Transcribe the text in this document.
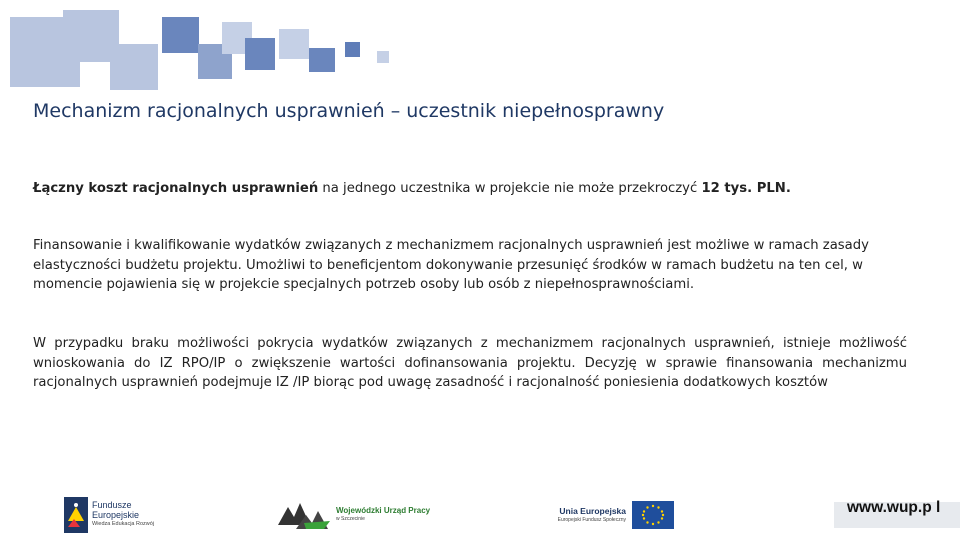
Mechanizm racjonalnych usprawnień – uczestnik niepełnosprawny

Łączny koszt racjonalnych usprawnień na jednego uczestnika w projekcie nie może przekroczyć 12 tys. PLN.

Finansowanie i kwalifikowanie wydatków związanych z mechanizmem racjonalnych usprawnień jest możliwe w ramach zasady elastyczności budżetu projektu. Umożliwi to beneficjentom dokonywanie przesunięć środków w ramach budżetu na ten cel, w momencie pojawienia się w projekcie specjalnych potrzeb osoby lub osób z niepełnosprawnościami.

W przypadku braku możliwości pokrycia wydatków związanych z mechanizmem racjonalnych usprawnień, istnieje możliwość wnioskowania do IZ RPO/IP o zwiększenie wartości dofinansowania projektu. Decyzję w sprawie finansowania mechanizmu racjonalnych usprawnień podejmuje IZ /IP biorąc pod uwagę zasadność i racjonalność poniesienia dodatkowych kosztów

Fundusze
Europejskie
Wiedza Edukacja Rozwój
Wojewódzki Urząd Pracy
w Szczecinie
Unia Europejska
Europejski Fundusz Społeczny

www.wup.p l
